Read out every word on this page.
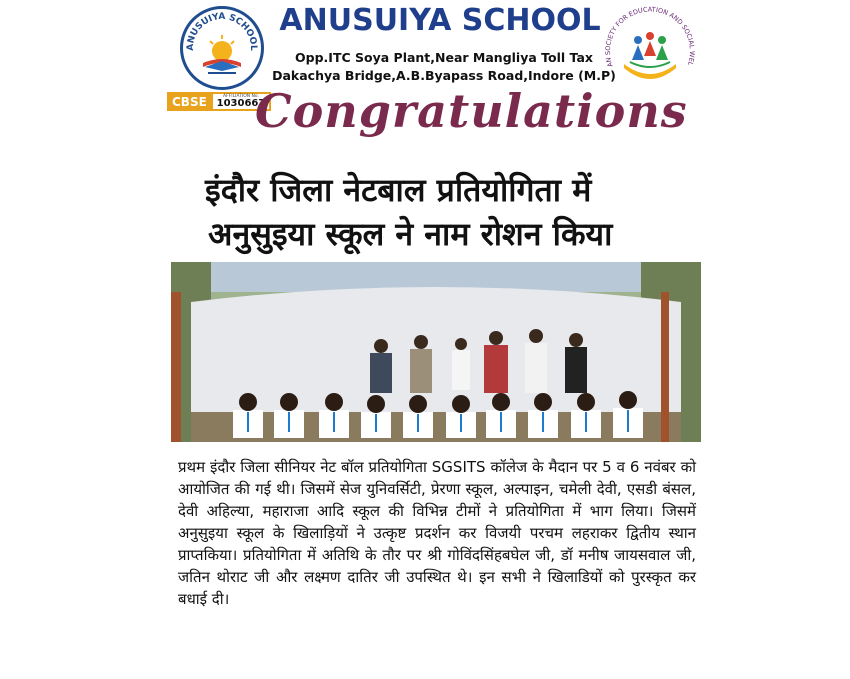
ANUSUIYA SCHOOL
CBSE	AFFILIATION No.
1030667
ANUSUIYA SCHOOL
Opp.ITC Soya Plant,Near Mangliya Toll Tax
Dakachya Bridge,A.B.Byapass Road,Indore (M.P)
AN SOCIETY FOR EDUCATION AND SOCIAL WEL
Congratulations
इंदौर जिला नेटबाल प्रतियोगिता में
अनुसुइया स्कूल ने नाम रोशन किया

प्रथम इंदौर जिला सीनियर नेट बॉल प्रतियोगिता SGSITS कॉलेज के मैदान पर 5 व 6 नवंबर को आयोजित की गई थी। जिसमें सेज युनिवर्सिटी, प्रेरणा स्कूल, अल्पाइन, चमेली देवी, एसडी बंसल, देवी अहिल्या, महाराजा आदि स्कूल की विभिन्न टीमों ने प्रतियोगिता में भाग लिया। जिसमें अनुसुइया स्कूल के खिलाड़ियों ने उत्कृष्ट प्रदर्शन कर विजयी परचम लहराकर द्वितीय स्थान प्राप्तकिया। प्रतियोगिता में अतिथि के तौर पर श्री गोविंदसिंहबघेल जी, डॉ मनीष जायसवाल जी, जतिन थोराट जी और लक्ष्मण दातिर जी उपस्थित थे। इन सभी ने खिलाडियों को पुरस्कृत कर बधाई दी।
